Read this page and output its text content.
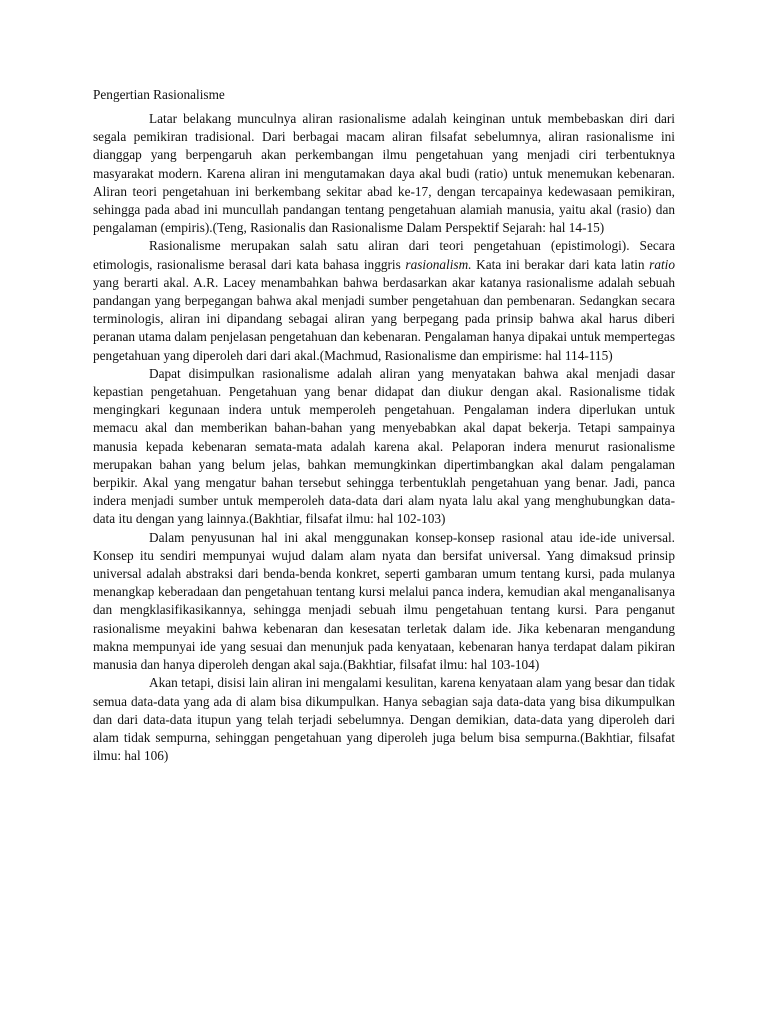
Pengertian Rasionalisme

Latar belakang munculnya aliran rasionalisme adalah keinginan untuk membebaskan diri dari segala pemikiran tradisional. Dari berbagai macam aliran filsafat sebelumnya, aliran rasionalisme ini dianggap yang berpengaruh akan perkembangan ilmu pengetahuan yang menjadi ciri terbentuknya masyarakat modern. Karena aliran ini mengutamakan daya akal budi (ratio) untuk menemukan kebenaran. Aliran teori pengetahuan ini berkembang sekitar abad ke-17, dengan tercapainya kedewasaan pemikiran, sehingga pada abad ini muncullah pandangan tentang pengetahuan alamiah manusia, yaitu akal (rasio) dan pengalaman (empiris).(Teng, Rasionalis dan Rasionalisme Dalam Perspektif Sejarah: hal 14-15)

Rasionalisme merupakan salah satu aliran dari teori pengetahuan (epistimologi). Secara etimologis, rasionalisme berasal dari kata bahasa inggris rasionalism. Kata ini berakar dari kata latin ratio yang berarti akal. A.R. Lacey menambahkan bahwa berdasarkan akar katanya rasionalisme adalah sebuah pandangan yang berpegangan bahwa akal menjadi sumber pengetahuan dan pembenaran. Sedangkan secara terminologis, aliran ini dipandang sebagai aliran yang berpegang pada prinsip bahwa akal harus diberi peranan utama dalam penjelasan pengetahuan dan kebenaran. Pengalaman hanya dipakai untuk mempertegas pengetahuan yang diperoleh dari dari akal.(Machmud, Rasionalisme dan empirisme: hal 114-115)

Dapat disimpulkan rasionalisme adalah aliran yang menyatakan bahwa akal menjadi dasar kepastian pengetahuan. Pengetahuan yang benar didapat dan diukur dengan akal. Rasionalisme tidak mengingkari kegunaan indera untuk memperoleh pengetahuan. Pengalaman indera diperlukan untuk memacu akal dan memberikan bahan-bahan yang menyebabkan akal dapat bekerja. Tetapi sampainya manusia kepada kebenaran semata-mata adalah karena akal. Pelaporan indera menurut rasionalisme merupakan bahan yang belum jelas, bahkan memungkinkan dipertimbangkan akal dalam pengalaman berpikir. Akal yang mengatur bahan tersebut sehingga terbentuklah pengetahuan yang benar. Jadi, panca indera menjadi sumber untuk memperoleh data-data dari alam nyata lalu akal yang menghubungkan data-data itu dengan yang lainnya.(Bakhtiar, filsafat ilmu: hal 102-103)

Dalam penyusunan hal ini akal menggunakan konsep-konsep rasional atau ide-ide universal. Konsep itu sendiri mempunyai wujud dalam alam nyata dan bersifat universal. Yang dimaksud prinsip universal adalah abstraksi dari benda-benda konkret, seperti gambaran umum tentang kursi, pada mulanya menangkap keberadaan dan pengetahuan tentang kursi melalui panca indera, kemudian akal menganalisanya dan mengklasifikasikannya, sehingga menjadi sebuah ilmu pengetahuan tentang kursi. Para penganut rasionalisme meyakini bahwa kebenaran dan kesesatan terletak dalam ide. Jika kebenaran mengandung makna mempunyai ide yang sesuai dan menunjuk pada kenyataan, kebenaran hanya terdapat dalam pikiran manusia dan hanya diperoleh dengan akal saja.(Bakhtiar, filsafat ilmu: hal 103-104)

Akan tetapi, disisi lain aliran ini mengalami kesulitan, karena kenyataan alam yang besar dan tidak semua data-data yang ada di alam bisa dikumpulkan. Hanya sebagian saja data-data yang bisa dikumpulkan dan dari data-data itupun yang telah terjadi sebelumnya. Dengan demikian, data-data yang diperoleh dari alam tidak sempurna, sehinggan pengetahuan yang diperoleh juga belum bisa sempurna.(Bakhtiar, filsafat ilmu: hal 106)
